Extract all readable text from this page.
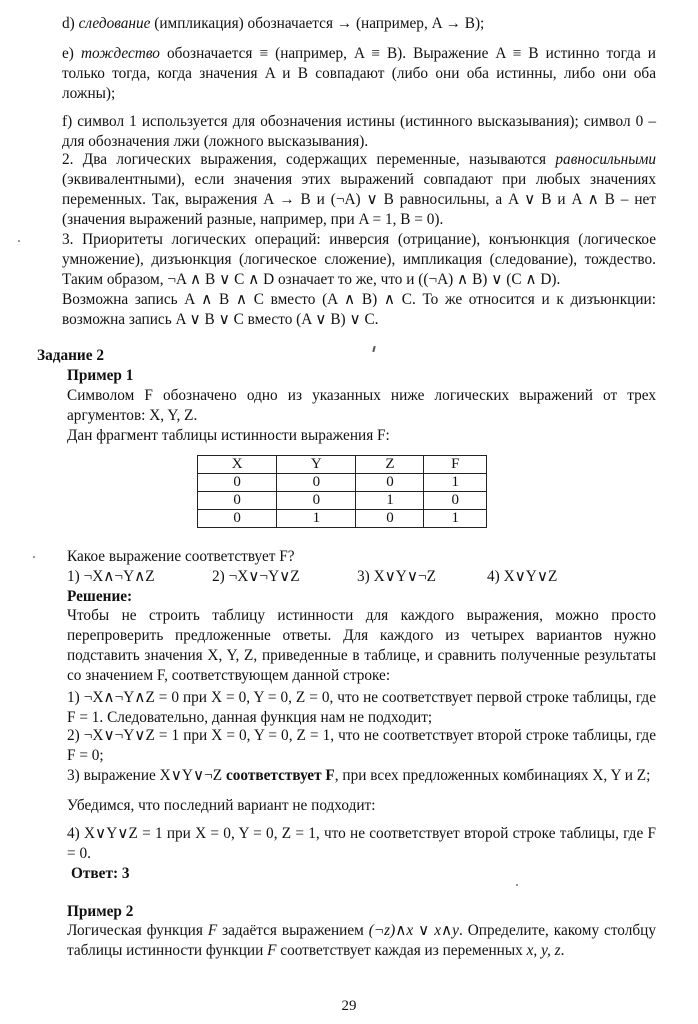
d) следование (импликация) обозначается → (например, A → B);
e) тождество обозначается ≡ (например, A ≡ B). Выражение A ≡ B истинно тогда и только тогда, когда значения A и B совпадают (либо они оба истинны, либо они оба ложны);
f) символ 1 используется для обозначения истины (истинного высказывания); символ 0 – для обозначения лжи (ложного высказывания).
2. Два логических выражения, содержащих переменные, называются равносильными (эквивалентными), если значения этих выражений совпадают при любых значениях переменных. Так, выражения A → B и (¬A) ∨ B равносильны, а A ∨ B и A ∧ B – нет (значения выражений разные, например, при A = 1, B = 0).
3. Приоритеты логических операций: инверсия (отрицание), конъюнкция (логическое умножение), дизъюнкция (логическое сложение), импликация (следование), тождество. Таким образом, ¬A ∧ B ∨ C ∧ D означает то же, что и ((¬A) ∧ B) ∨ (C ∧ D).
Возможна запись A ∧ B ∧ C вместо (A ∧ B) ∧ C. То же относится и к дизъюнкции: возможна запись A ∨ B ∨ C вместо (A ∨ B) ∨ C.
Задание 2
Пример 1
Символом F обозначено одно из указанных ниже логических выражений от трех аргументов: X, Y, Z.
Дан фрагмент таблицы истинности выражения F:
X	Y	Z	F
0	0	0	1
0	0	1	0
0	1	0	1
Какое выражение соответствует F?
1) ¬X∧¬Y∧Z	2) ¬X∨¬Y∨Z	3) X∨Y∨¬Z	4) X∨Y∨Z
Решение:
Чтобы не строить таблицу истинности для каждого выражения, можно просто перепроверить предложенные ответы. Для каждого из четырех вариантов нужно подставить значения X, Y, Z, приведенные в таблице, и сравнить полученные результаты со значением F, соответствующем данной строке:
1) ¬X∧¬Y∧Z = 0 при X = 0, Y = 0, Z = 0, что не соответствует первой строке таблицы, где F = 1. Следовательно, данная функция нам не подходит;
2) ¬X∨¬Y∨Z = 1 при X = 0, Y = 0, Z = 1, что не соответствует второй строке таблицы, где F = 0;
3) выражение X∨Y∨¬Z соответствует F, при всех предложенных комбинациях X, Y и Z;
Убедимся, что последний вариант не подходит:
4) X∨Y∨Z = 1 при X = 0, Y = 0, Z = 1, что не соответствует второй строке таблицы, где F = 0.
Ответ: 3
Пример 2
Логическая функция F задаётся выражением (¬z)∧x ∨ x∧y. Определите, какому столбцу таблицы истинности функции F соответствует каждая из переменных x, y, z.
29
